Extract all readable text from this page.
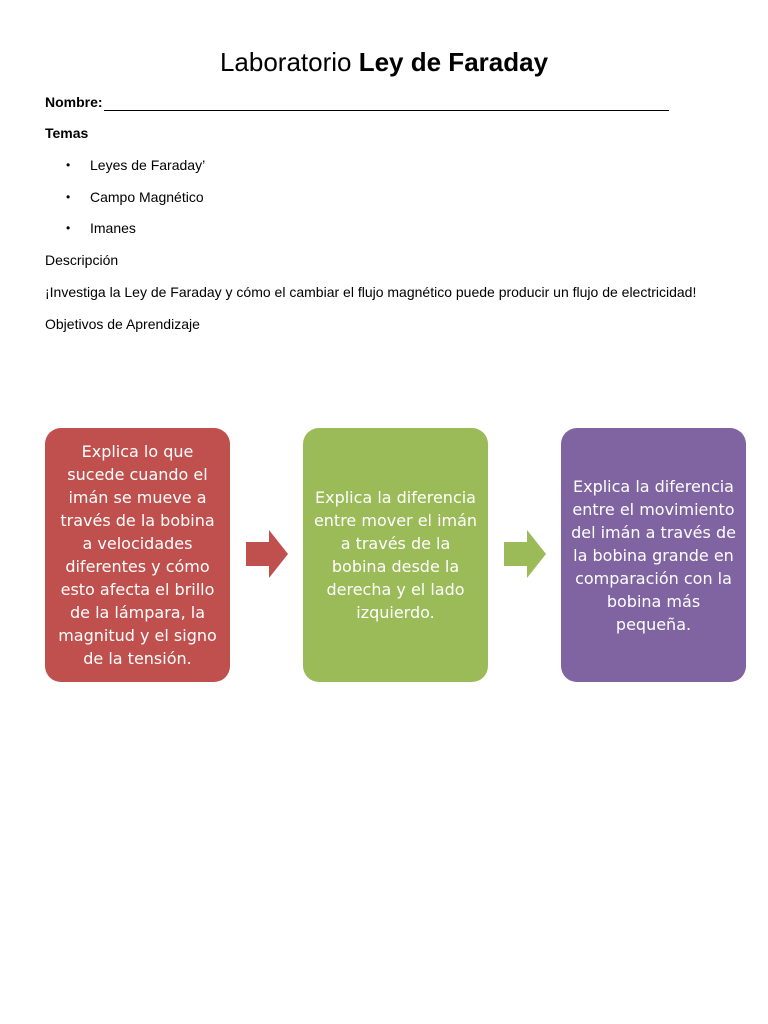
Laboratorio Ley de Faraday
Nombre:
Temas
•	Leyes de Faraday’
•	Campo Magnético
•	Imanes
Descripción
¡Investiga la Ley de Faraday y cómo el cambiar el flujo magnético puede producir un flujo de electricidad!
Objetivos de Aprendizaje
Explica lo que sucede cuando el imán se mueve a través de la bobina a velocidades diferentes y cómo esto afecta el brillo de la lámpara, la magnitud y el signo de la tensión.
Explica la diferencia entre mover el imán a través de la bobina desde la derecha y el lado izquierdo.
Explica la diferencia entre el movimiento del imán a través de la bobina grande en comparación con la bobina más pequeña.
